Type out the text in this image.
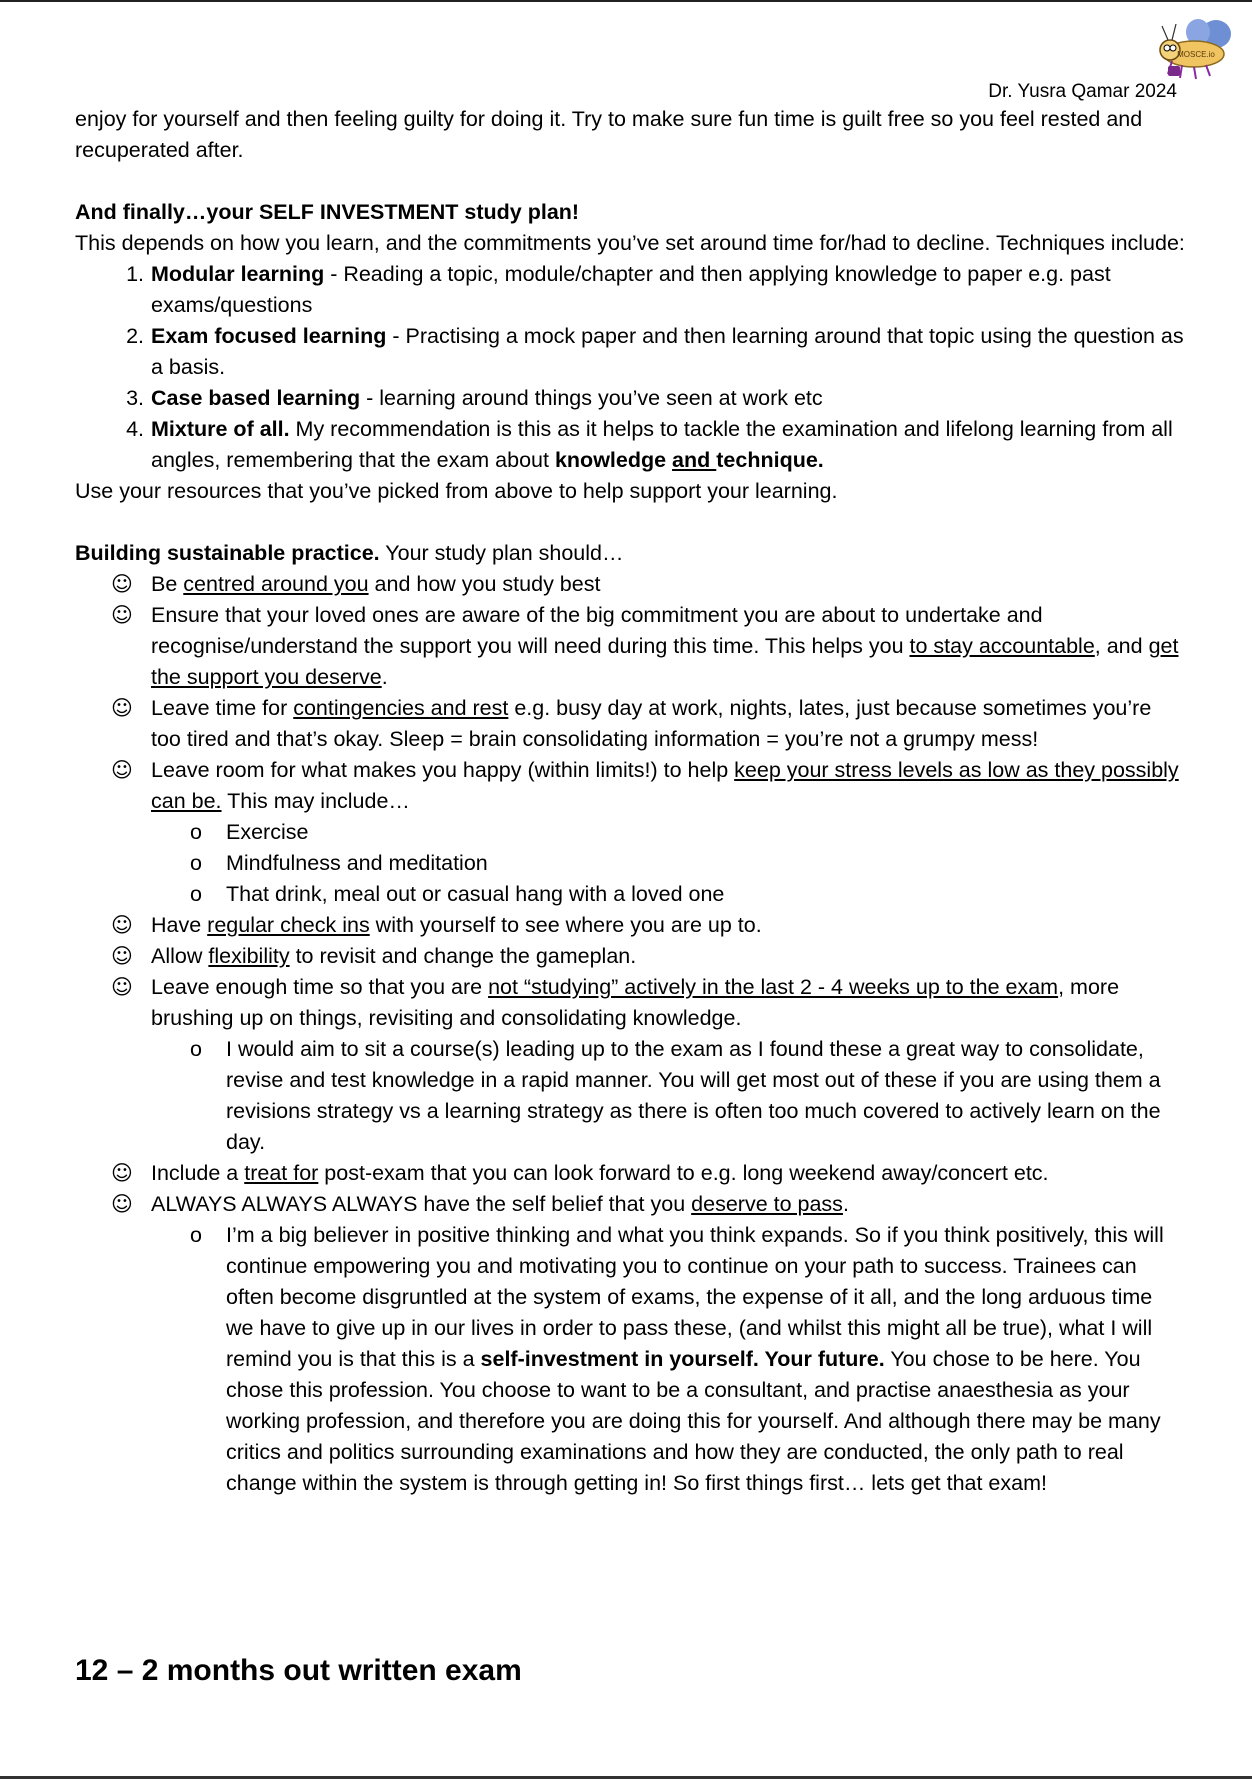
MOSCE.io
Dr. Yusra Qamar 2024

enjoy for yourself and then feeling guilty for doing it. Try to make sure fun time is guilt free so you feel rested and recuperated after.

And finally…your SELF INVESTMENT study plan!

This depends on how you learn, and the commitments you’ve set around time for/had to decline. Techniques include:

1. Modular learning - Reading a topic, module/chapter and then applying knowledge to paper e.g. past exams/questions
2. Exam focused learning - Practising a mock paper and then learning around that topic using the question as a basis.
3. Case based learning - learning around things you’ve seen at work etc
4. Mixture of all. My recommendation is this as it helps to tackle the examination and lifelong learning from all angles, remembering that the exam about knowledge and technique.

Use your resources that you’ve picked from above to help support your learning.

Building sustainable practice. Your study plan should…

☺ Be centred around you and how you study best
☺ Ensure that your loved ones are aware of the big commitment you are about to undertake and recognise/understand the support you will need during this time. This helps you to stay accountable, and get the support you deserve.
☺ Leave time for contingencies and rest e.g. busy day at work, nights, lates, just because sometimes you’re too tired and that’s okay. Sleep = brain consolidating information = you’re not a grumpy mess!
☺ Leave room for what makes you happy (within limits!) to help keep your stress levels as low as they possibly can be. This may include…
o Exercise
o Mindfulness and meditation
o That drink, meal out or casual hang with a loved one
☺ Have regular check ins with yourself to see where you are up to.
☺ Allow flexibility to revisit and change the gameplan.
☺ Leave enough time so that you are not “studying” actively in the last 2 - 4 weeks up to the exam, more brushing up on things, revisiting and consolidating knowledge.
o I would aim to sit a course(s) leading up to the exam as I found these a great way to consolidate, revise and test knowledge in a rapid manner. You will get most out of these if you are using them a revisions strategy vs a learning strategy as there is often too much covered to actively learn on the day.
☺ Include a treat for post-exam that you can look forward to e.g. long weekend away/concert etc.
☺ ALWAYS ALWAYS ALWAYS have the self belief that you deserve to pass.
o I’m a big believer in positive thinking and what you think expands. So if you think positively, this will continue empowering you and motivating you to continue on your path to success. Trainees can often become disgruntled at the system of exams, the expense of it all, and the long arduous time we have to give up in our lives in order to pass these, (and whilst this might all be true), what I will remind you is that this is a self-investment in yourself. Your future. You chose to be here. You chose this profession. You choose to want to be a consultant, and practise anaesthesia as your working profession, and therefore you are doing this for yourself. And although there may be many critics and politics surrounding examinations and how they are conducted, the only path to real change within the system is through getting in! So first things first… lets get that exam!
12 – 2 months out written exam
